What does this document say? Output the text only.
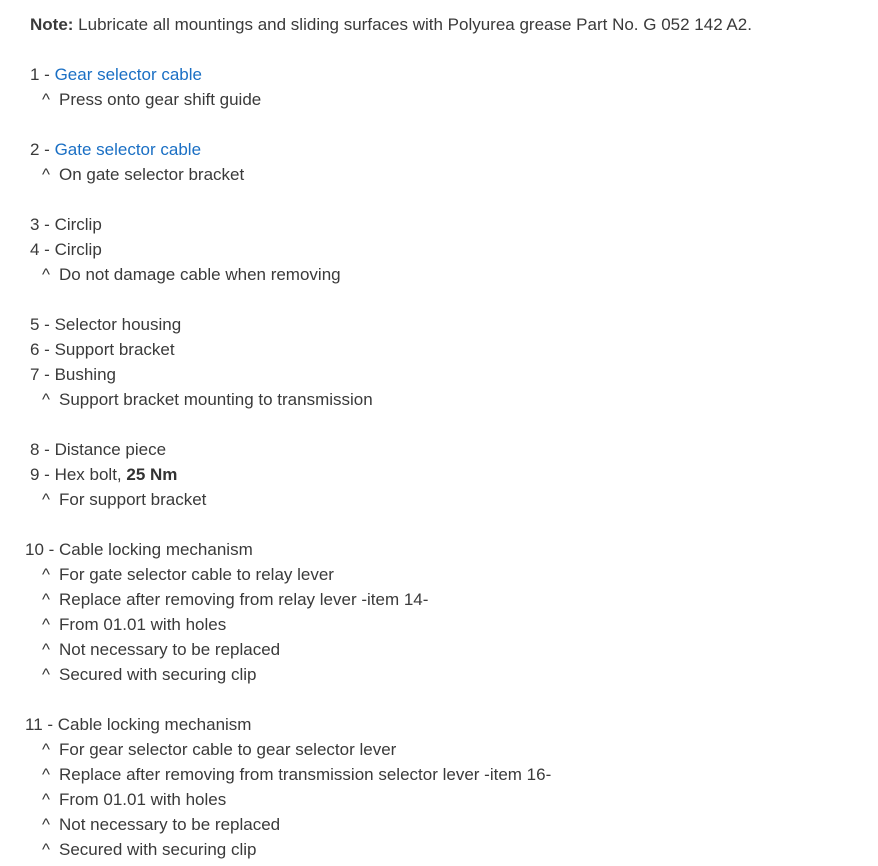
Note: Lubricate all mountings and sliding surfaces with Polyurea grease Part No. G 052 142 A2.
1 - Gear selector cable
^ Press onto gear shift guide
2 - Gate selector cable
^ On gate selector bracket
3 - Circlip
4 - Circlip
^ Do not damage cable when removing
5 - Selector housing
6 - Support bracket
7 - Bushing
^ Support bracket mounting to transmission
8 - Distance piece
9 - Hex bolt, 25 Nm
^ For support bracket
10 - Cable locking mechanism
^ For gate selector cable to relay lever
^ Replace after removing from relay lever -item 14-
^ From 01.01 with holes
^ Not necessary to be replaced
^ Secured with securing clip
11 - Cable locking mechanism
^ For gear selector cable to gear selector lever
^ Replace after removing from transmission selector lever -item 16-
^ From 01.01 with holes
^ Not necessary to be replaced
^ Secured with securing clip
